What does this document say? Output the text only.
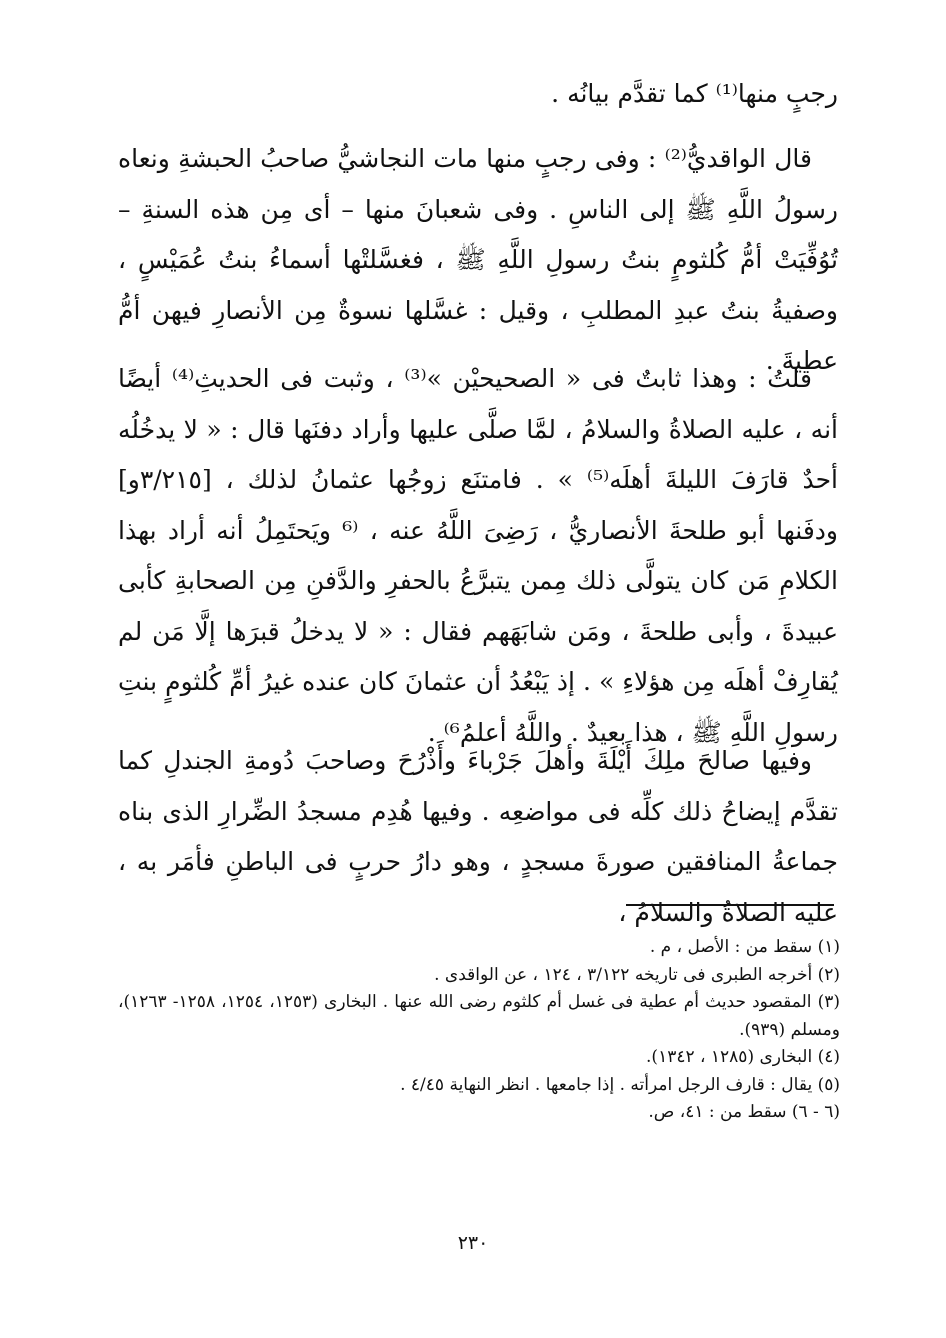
رجبٍ منها⁽¹⁾ كما تقدَّم بيانُه .

قال الواقديُّ⁽²⁾ : وفى رجبٍ منها مات النجاشيُّ صاحبُ الحبشةِ ونعاه رسولُ اللَّهِ ﷺ إلى الناسِ . وفى شعبانَ منها – أى مِن هذه السنةِ – تُوُفِّيَتْ أمُّ كُلثومٍ بنتُ رسولِ اللَّهِ ﷺ ، فغسَّلتْها أسماءُ بنتُ عُمَيْسٍ ، وصفيةُ بنتُ عبدِ المطلبِ ، وقيل : غسَّلها نسوةٌ مِن الأنصارِ فيهن أمُّ عطيةَ .

قلتُ : وهذا ثابتٌ فى « الصحيحيْن »⁽³⁾ ، وثبت فى الحديثِ⁽⁴⁾ أيضًا أنه ، عليه الصلاةُ والسلامُ ، لمَّا صلَّى عليها وأراد دفنَها قال : « لا يدخُلُه أحدٌ قارَفَ الليلةَ أهلَه⁽⁵⁾ » . فامتنَع زوجُها عثمانُ لذلك ، [٣/٢١٥و] ودفَنها أبو طلحةَ الأنصاريُّ ، رَضِىَ اللَّهُ عنه ، ⁽⁶ ويَحتَمِلُ أنه أراد بهذا الكلامِ مَن كان يتولَّى ذلك مِمن يتبرَّعُ بالحفرِ والدَّفنِ مِن الصحابةِ كأبى عبيدةَ ، وأبى طلحةَ ، ومَن شابَهَهم فقال : « لا يدخلُ قبرَها إلَّا مَن لم يُقارِفْ أهلَه مِن هؤلاءِ » . إذ يَبْعُدُ أن عثمانَ كان عنده غيرُ أمِّ كُلثومٍ بنتِ رسولِ اللَّهِ ﷺ ، هذا بعيدٌ . واللَّهُ أعلمُ⁶⁾ .

وفيها صالحَ ملِكَ أَيْلَةَ وأهلَ جَرْباءَ وأَذْرُحَ وصاحبَ دُومةِ الجندلِ كما تقدَّم إيضاحُ ذلك كلِّه فى مواضعِه . وفيها هُدِم مسجدُ الضِّرارِ الذى بناه جماعةُ المنافقين صورةَ مسجدٍ ، وهو دارُ حربٍ فى الباطنِ فأمَر به ، عليه الصلاةُ والسلامُ ،

(١) سقط من : الأصل ، م .
(٢) أخرجه الطبرى فى تاريخه ٣/١٢٢ ، ١٢٤ ، عن الواقدى .
(٣) المقصود حديث أم عطية فى غسل أم كلثوم رضى الله عنها . البخارى (١٢٥٣، ١٢٥٤، ١٢٥٨- ١٢٦٣)، ومسلم (٩٣٩).
(٤) البخارى (١٢٨٥ ، ١٣٤٢).
(٥) يقال : قارف الرجل امرأته . إذا جامعها . انظر النهاية ٤/٤٥ .
(٦ - ٦) سقط من : ٤١، ص.
٢٣٠
